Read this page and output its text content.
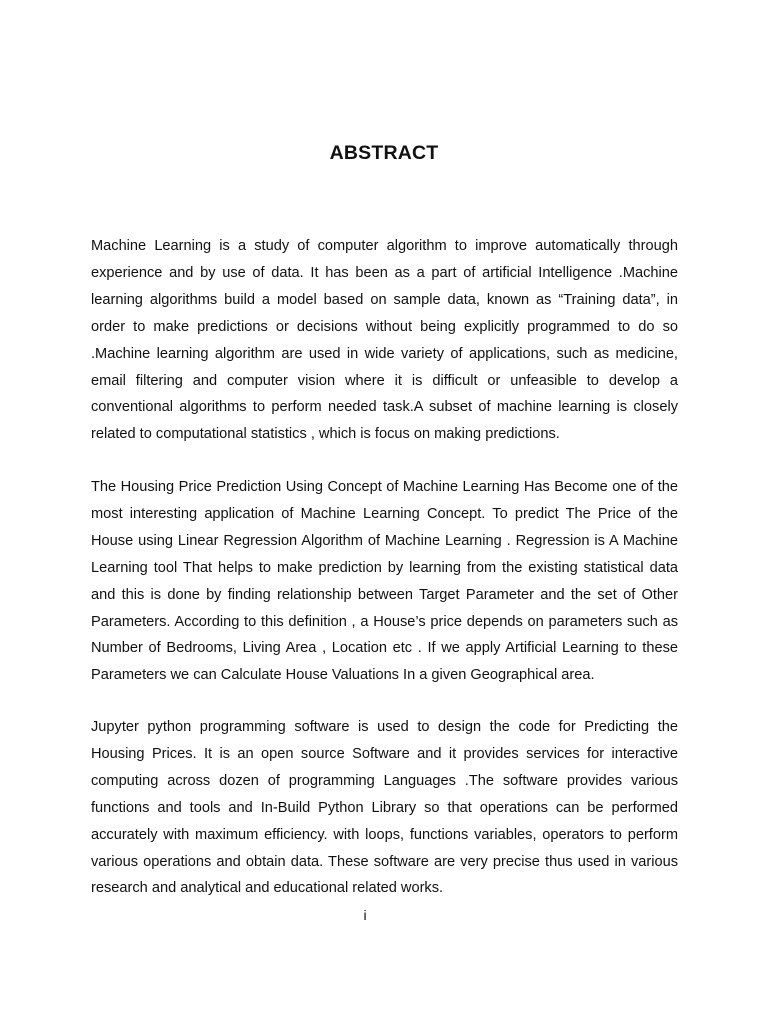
ABSTRACT

Machine Learning is a study of computer algorithm to improve automatically through experience and by use of data. It has been as a part of artificial Intelligence .Machine learning algorithms build a model based on sample data, known as “Training data”, in order to make predictions or decisions without being explicitly programmed to do so .Machine learning algorithm are used in wide variety of applications, such as medicine, email filtering and computer vision where it is difficult or unfeasible to develop a conventional algorithms to perform needed task.A subset of machine learning is closely related to computational statistics , which is focus on making predictions.

The Housing Price Prediction Using Concept of Machine Learning Has Become one of the most interesting application of Machine Learning Concept. To predict The Price of the House using Linear Regression Algorithm of Machine Learning . Regression is A Machine Learning tool That helps to make prediction by learning from the existing statistical data and this is done by finding relationship between Target Parameter and the set of Other Parameters. According to this definition , a House’s price depends on parameters such as Number of Bedrooms, Living Area , Location etc . If we apply Artificial Learning to these Parameters we can Calculate House Valuations In a given Geographical area.

Jupyter python programming software is used to design the code for Predicting the Housing Prices. It is an open source Software and it provides services for interactive computing across dozen of programming Languages .The software provides various functions and tools and In-Build Python Library so that operations can be performed accurately with maximum efficiency. with loops, functions variables, operators to perform various operations and obtain data. These software are very precise thus used in various research and analytical and educational related works.

i
